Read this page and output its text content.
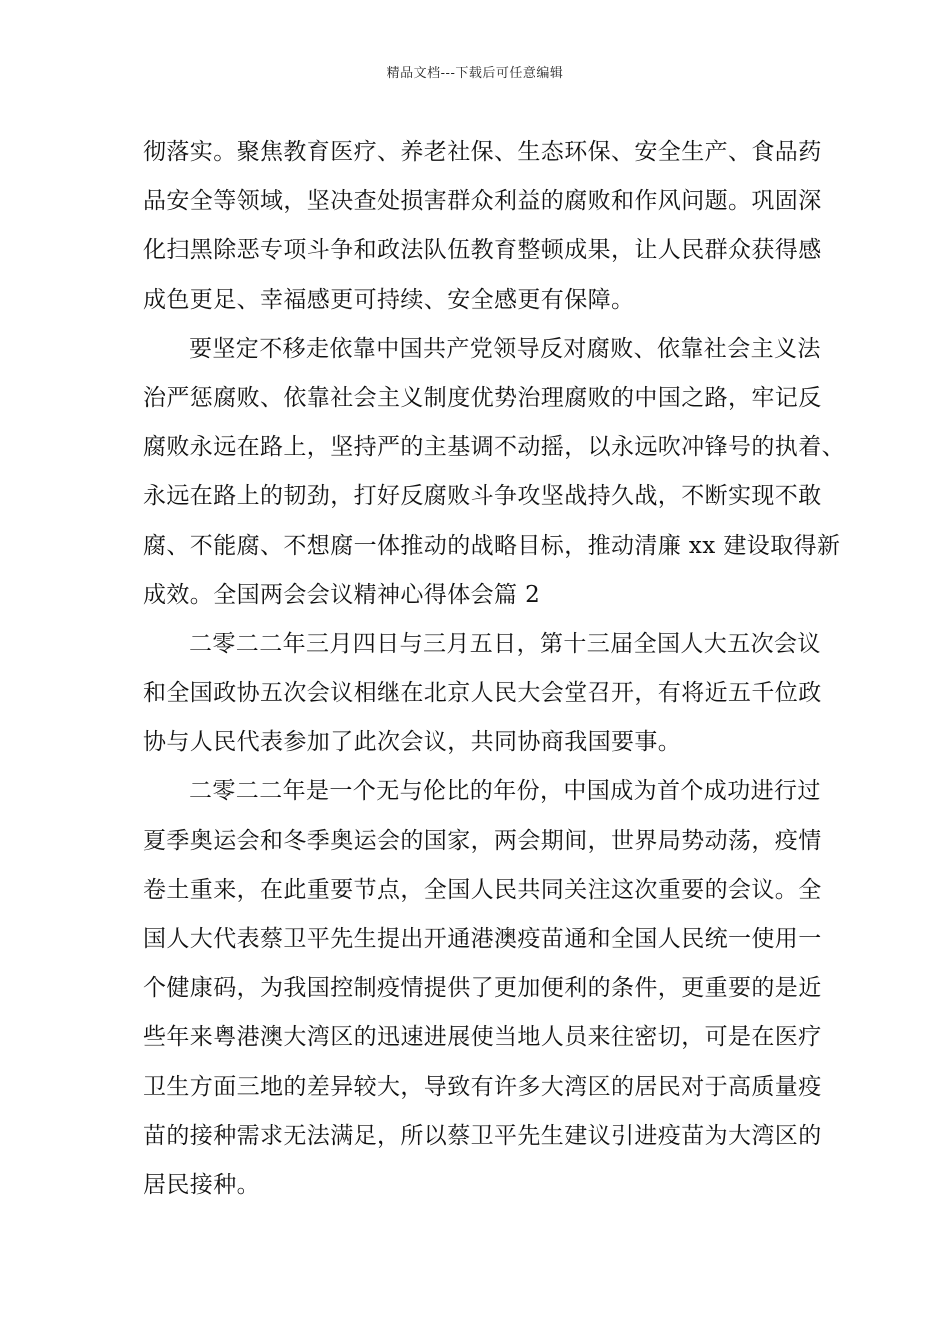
精品文档---下载后可任意编辑
彻落实。聚焦教育医疗、养老社保、生态环保、安全生产、食品药
品安全等领域，坚决查处损害群众利益的腐败和作风问题。巩固深
化扫黑除恶专项斗争和政法队伍教育整顿成果，让人民群众获得感
成色更足、幸福感更可持续、安全感更有保障。
要坚定不移走依靠中国共产党领导反对腐败、依靠社会主义法
治严惩腐败、依靠社会主义制度优势治理腐败的中国之路，牢记反
腐败永远在路上，坚持严的主基调不动摇，以永远吹冲锋号的执着、
永远在路上的韧劲，打好反腐败斗争攻坚战持久战，不断实现不敢
腐、不能腐、不想腐一体推动的战略目标，推动清廉 xx 建设取得新
成效。全国两会会议精神心得体会篇 2
二零二二年三月四日与三月五日，第十三届全国人大五次会议
和全国政协五次会议相继在北京人民大会堂召开，有将近五千位政
协与人民代表参加了此次会议，共同协商我国要事。
二零二二年是一个无与伦比的年份，中国成为首个成功进行过
夏季奥运会和冬季奥运会的国家，两会期间，世界局势动荡，疫情
卷土重来，在此重要节点，全国人民共同关注这次重要的会议。全
国人大代表蔡卫平先生提出开通港澳疫苗通和全国人民统一使用一
个健康码，为我国控制疫情提供了更加便利的条件，更重要的是近
些年来粤港澳大湾区的迅速进展使当地人员来往密切，可是在医疗
卫生方面三地的差异较大，导致有许多大湾区的居民对于高质量疫
苗的接种需求无法满足，所以蔡卫平先生建议引进疫苗为大湾区的
居民接种。
